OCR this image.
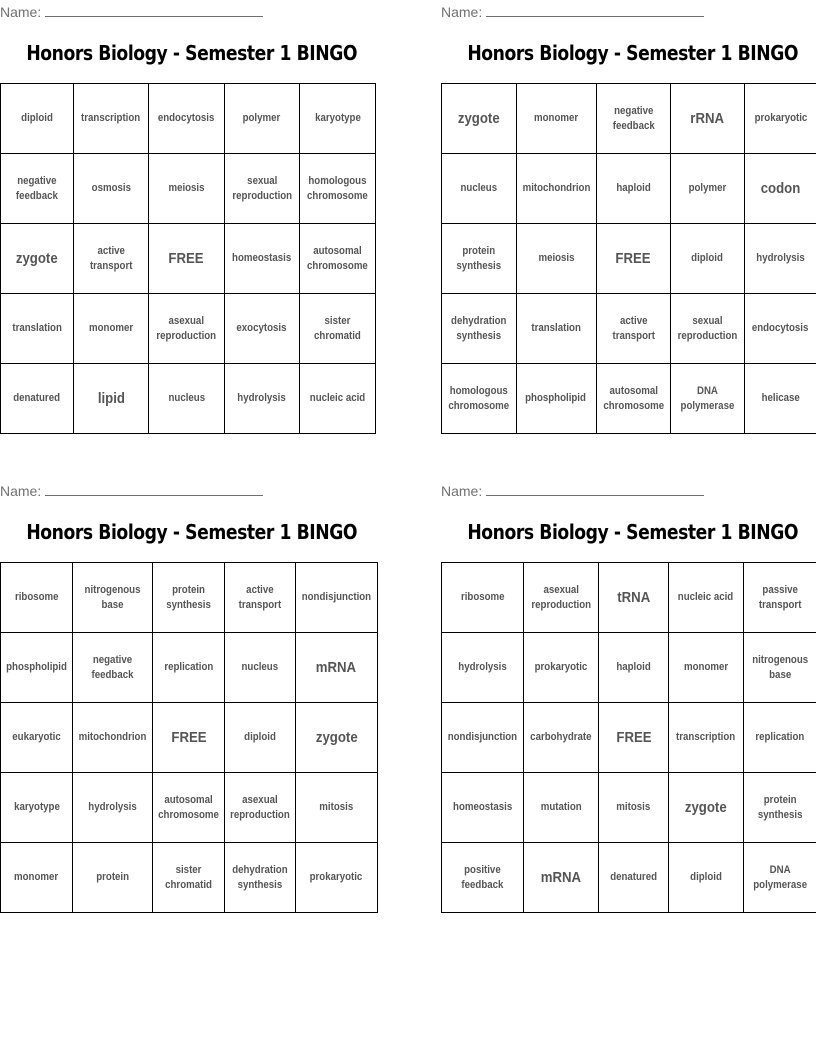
Name:
Honors Biology - Semester 1 BINGO
diploid	transcription	endocytosis	polymer	karyotype
negative feedback	osmosis	meiosis	sexual reproduction	homologous chromosome
zygote	active transport	FREE	homeostasis	autosomal chromosome
translation	monomer	asexual reproduction	exocytosis	sister chromatid
denatured	lipid	nucleus	hydrolysis	nucleic acid
Name:
Honors Biology - Semester 1 BINGO
zygote	monomer	negative feedback	rRNA	prokaryotic
nucleus	mitochondrion	haploid	polymer	codon
protein synthesis	meiosis	FREE	diploid	hydrolysis
dehydration synthesis	translation	active transport	sexual reproduction	endocytosis
homologous chromosome	phospholipid	autosomal chromosome	DNA polymerase	helicase
Name:
Honors Biology - Semester 1 BINGO
ribosome	nitrogenous base	protein synthesis	active transport	nondisjunction
phospholipid	negative feedback	replication	nucleus	mRNA
eukaryotic	mitochondrion	FREE	diploid	zygote
karyotype	hydrolysis	autosomal chromosome	asexual reproduction	mitosis
monomer	protein	sister chromatid	dehydration synthesis	prokaryotic
Name:
Honors Biology - Semester 1 BINGO
ribosome	asexual reproduction	tRNA	nucleic acid	passive transport
hydrolysis	prokaryotic	haploid	monomer	nitrogenous base
nondisjunction	carbohydrate	FREE	transcription	replication
homeostasis	mutation	mitosis	zygote	protein synthesis
positive feedback	mRNA	denatured	diploid	DNA polymerase
